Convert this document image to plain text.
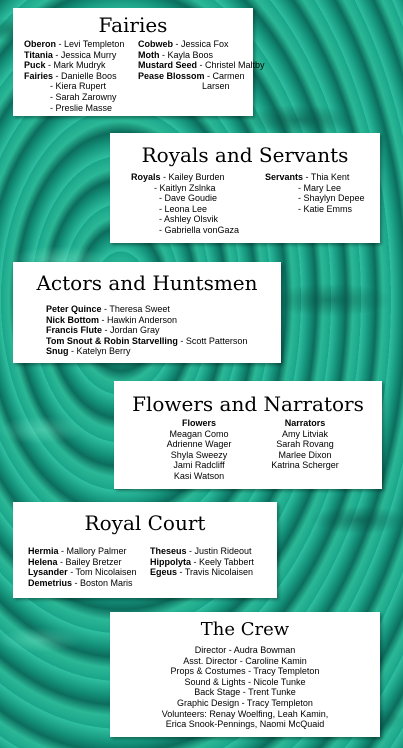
Fairies
Oberon - Levi Templeton
Titania - Jessica Murry
Puck - Mark Mudryk
Fairies - Danielle Boos
- Kiera Rupert
- Sarah Zarowny
- Preslie Masse
Cobweb - Jessica Fox
Moth - Kayla Boos
Mustard Seed - Christel Maltby
Pease Blossom - Carmen
Larsen
Royals and Servants
Royals - Kailey Burden
- Kaitlyn Zslnka
- Dave Goudie
- Leona Lee
- Ashley Olsvik
- Gabriella vonGaza
Servants - Thia Kent
- Mary Lee
- Shaylyn Depee
- Katie Emms
Actors and Huntsmen
Peter Quince - Theresa Sweet
Nick Bottom - Hawkin Anderson
Francis Flute - Jordan Gray
Tom Snout & Robin Starvelling - Scott Patterson
Snug - Katelyn Berry
Flowers and Narrators
Flowers
Meagan Como
Adrienne Wager
Shyla Sweezy
Jami Radcliff
Kasi Watson
Narrators
Amy Litviak
Sarah Rovang
Marlee Dixon
Katrina Scherger
Royal Court
Hermia - Mallory Palmer
Helena - Bailey Bretzer
Lysander - Tom Nicolaisen
Demetrius - Boston Maris
Theseus - Justin Rideout
Hippolyta - Keely Tabbert
Egeus - Travis Nicolaisen
The Crew
Director - Audra Bowman
Asst. Director - Caroline Kamin
Props & Costumes - Tracy Templeton
Sound & Lights - Nicole Tunke
Back Stage - Trent Tunke
Graphic Design - Tracy Templeton
Volunteers: Renay Woelfing, Leah Kamin,
Erica Snook-Pennings, Naomi McQuaid
